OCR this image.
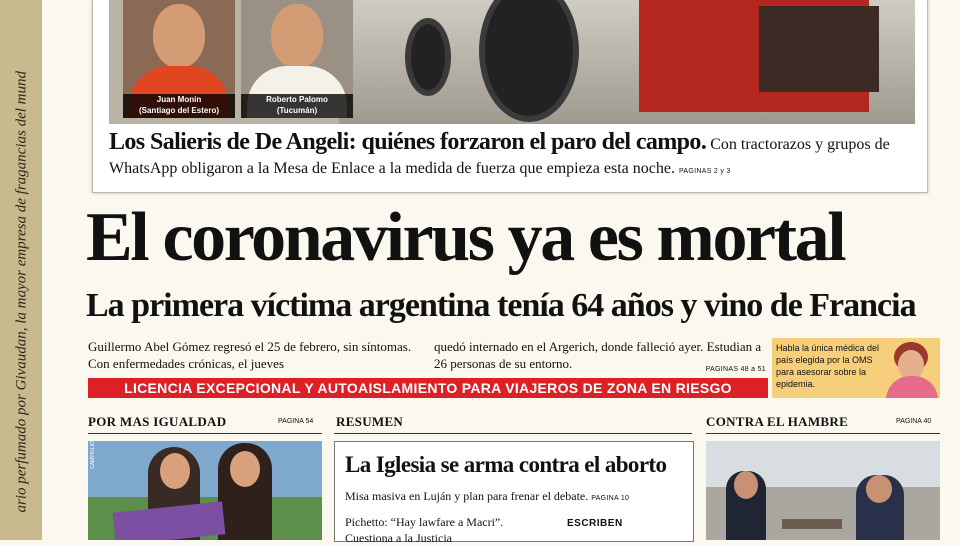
ario perfumado por Givaudan, la mayor empresa de fragancias del mund	Juan Monin
(Santiago del Estero)
Roberto Palomo
(Tucumán)
Los Salieris de De Angeli: quiénes forzaron el paro del campo. Con tractorazos y grupos de WhatsApp obligaron a la Mesa de Enlace a la medida de fuerza que empieza esta noche. PAGINAS 2 y 3
El coronavirus ya es mortal
La primera víctima argentina tenía 64 años y vino de Francia
Guillermo Abel Gómez regresó el 25 de febrero, sin síntomas. Con enfermedades crónicas, el jueves
quedó internado en el Argerich, donde falleció ayer. Estudian a 26 personas de su entorno.	PAGINAS 48 a 51
Habla la única médica del país elegida por la OMS para asesorar sobre la epidemia.
LICENCIA EXCEPCIONAL Y AUTOAISLAMIENTO PARA VIAJEROS DE ZONA EN RIESGO
POR MAS IGUALDAD	PAGINA 54
CAMPIGLIO
RESUMEN
La Iglesia se arma contra el aborto
Misa masiva en Luján y plan para frenar el debate. PAGINA 10
Pichetto: “Hay lawfare a Macri”. Cuestiona a la Justicia
ESCRIBEN
CONTRA EL HAMBRE	PAGINA 40
